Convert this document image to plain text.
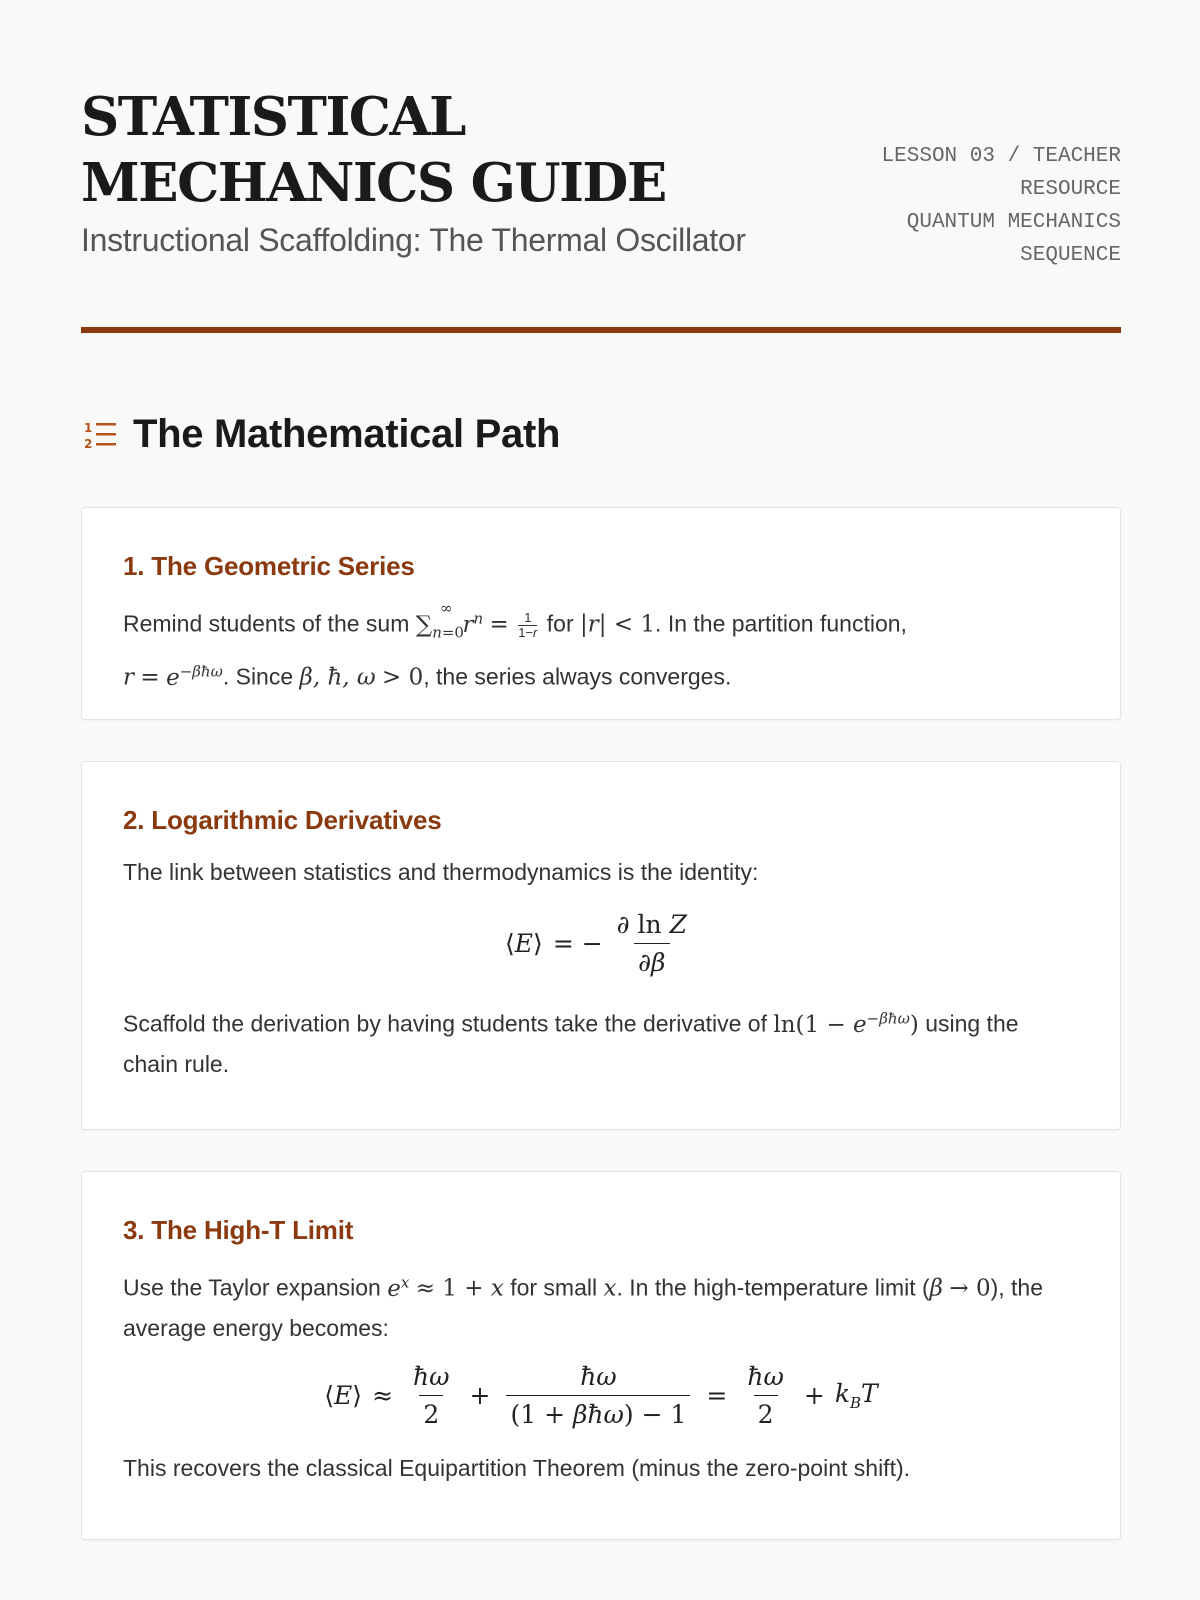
STATISTICAL MECHANICS GUIDE
Instructional Scaffolding: The Thermal Oscillator
LESSON 03 / TEACHER RESOURCE
QUANTUM MECHANICS SEQUENCE
1
2 The Mathematical Path
1. The Geometric Series

Remind students of the sum $\sum_{n=0}^\infty r^n = \frac{1}{1-r}$ for |r| < 1. In the partition function,
$r = e^{-\beta ħ\omega}$. Since β, ħ, ω > 0, the series always converges.

2. Logarithmic Derivatives

The link between statistics and thermodynamics is the identity:

⟨E⟩ = − $\frac{\text{∂ ln Z}}{\partial\beta}$

Scaffold the derivation by having students take the derivative of $\ln(1 - e^{-\beta ħ\omega})$ using the chain rule.

3. The High-T Limit

Use the Taylor expansion $e^x \approx 1 + x$ for small x. In the high-temperature limit (β → 0), the average energy becomes:

⟨E⟩ ≈ $\frac{ħ\omega}{2} + \frac{ħ\omega}{\text{(1 + βħω) − 1}} = \frac{ħ\omega}{2} + k_BT$

This recovers the classical Equipartition Theorem (minus the zero-point shift).
